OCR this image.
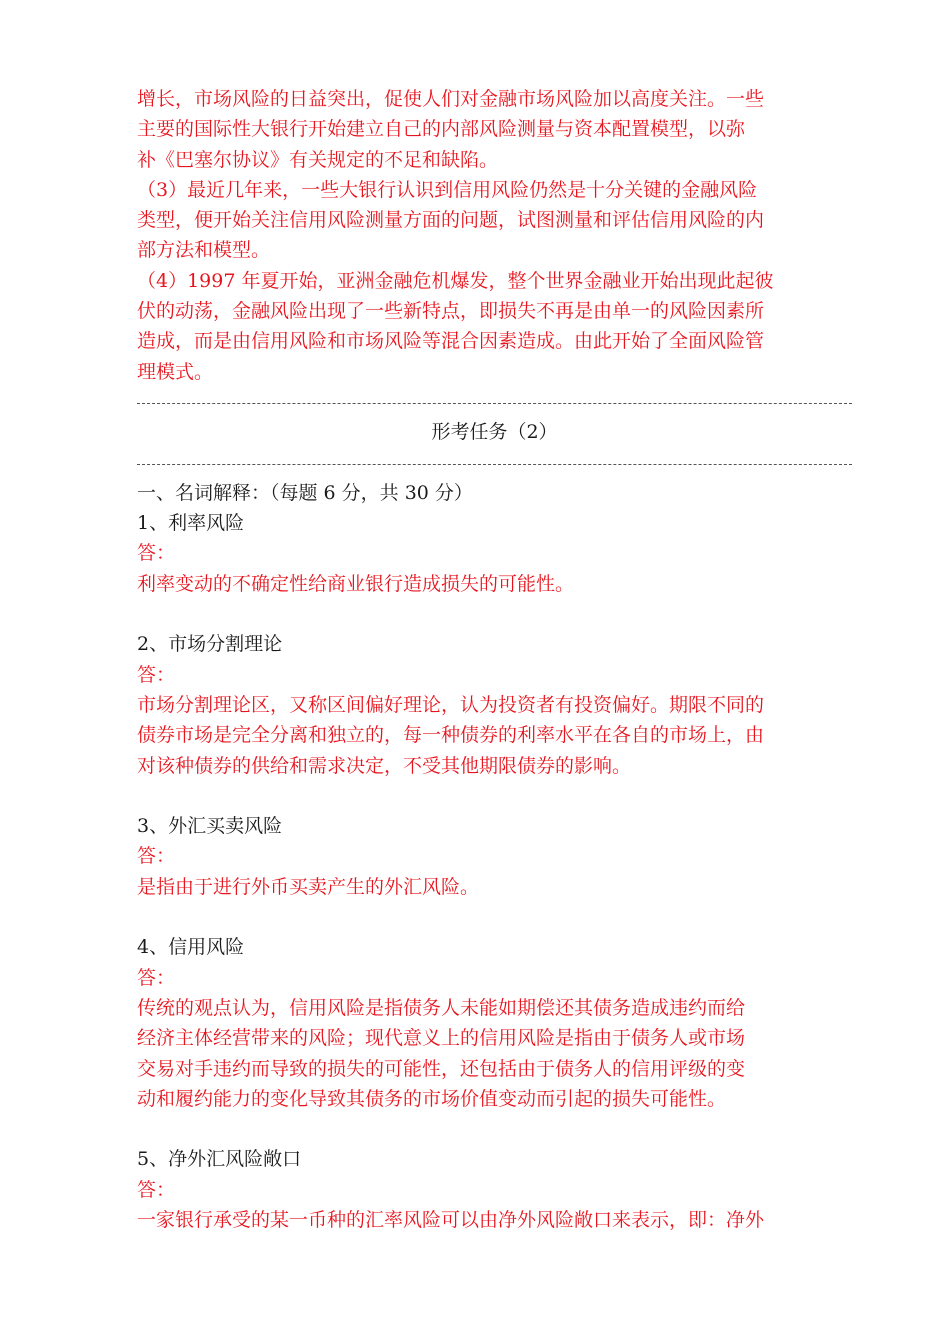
增长，市场风险的日益突出，促使人们对金融市场风险加以高度关注。一些
主要的国际性大银行开始建立自己的内部风险测量与资本配置模型，以弥
补《巴塞尔协议》有关规定的不足和缺陷。
（3）最近几年来，一些大银行认识到信用风险仍然是十分关键的金融风险
类型，便开始关注信用风险测量方面的问题，试图测量和评估信用风险的内
部方法和模型。
（4）1997 年夏开始，亚洲金融危机爆发，整个世界金融业开始出现此起彼
伏的动荡，金融风险出现了一些新特点，即损失不再是由单一的风险因素所
造成，而是由信用风险和市场风险等混合因素造成。由此开始了全面风险管
理模式。
形考任务（2）
一、名词解释：（每题 6 分，共 30 分）
1、利率风险
答：
利率变动的不确定性给商业银行造成损失的可能性。
2、市场分割理论
答：
市场分割理论区，又称区间偏好理论，认为投资者有投资偏好。期限不同的
债券市场是完全分离和独立的，每一种债券的利率水平在各自的市场上，由
对该种债券的供给和需求决定，不受其他期限债券的影响。
3、外汇买卖风险
答：
是指由于进行外币买卖产生的外汇风险。
4、信用风险
答：
传统的观点认为，信用风险是指债务人未能如期偿还其债务造成违约而给
经济主体经营带来的风险；现代意义上的信用风险是指由于债务人或市场
交易对手违约而导致的损失的可能性，还包括由于债务人的信用评级的变
动和履约能力的变化导致其债务的市场价值变动而引起的损失可能性。
5、净外汇风险敞口
答：
一家银行承受的某一币种的汇率风险可以由净外风险敞口来表示，即：净外
